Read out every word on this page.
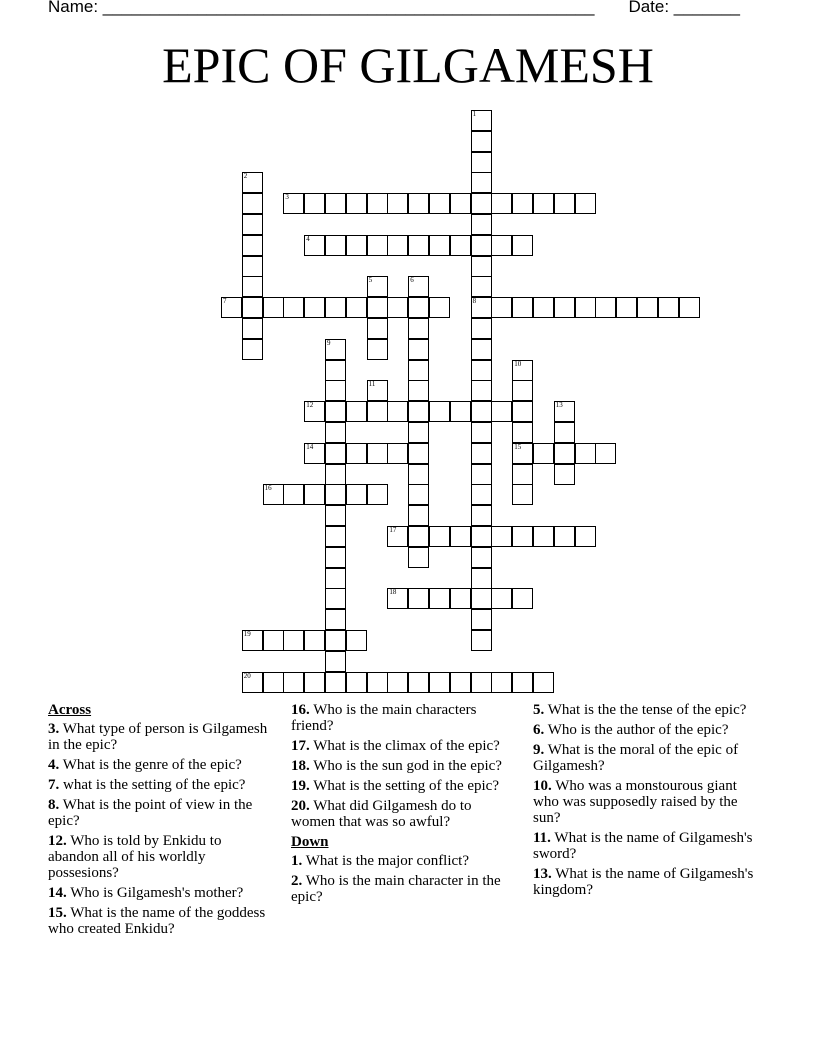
Name: ____________________________________________________ Date: _______
EPIC OF GILGAMESH
1
8
2
3
4
5	6
7
9
10
15
11
12	13
14
16
17
18
19
20
Across
3. What type of person is Gilgamesh in the epic?
4. What is the genre of the epic?
7. what is the setting of the epic?
8. What is the point of view in the epic?
12. Who is told by Enkidu to abandon all of his worldly possesions?
14. Who is Gilgamesh's mother?
15. What is the name of the goddess who created Enkidu?
16. Who is the main characters friend?
17. What is the climax of the epic?
18. Who is the sun god in the epic?
19. What is the setting of the epic?
20. What did Gilgamesh do to women that was so awful?
Down
1. What is the major conflict?
2. Who is the main character in the epic?
5. What is the the tense of the epic?
6. Who is the author of the epic?
9. What is the moral of the epic of Gilgamesh?
10. Who was a monstourous giant who was supposedly raised by the sun?
11. What is the name of Gilgamesh's sword?
13. What is the name of Gilgamesh's kingdom?
